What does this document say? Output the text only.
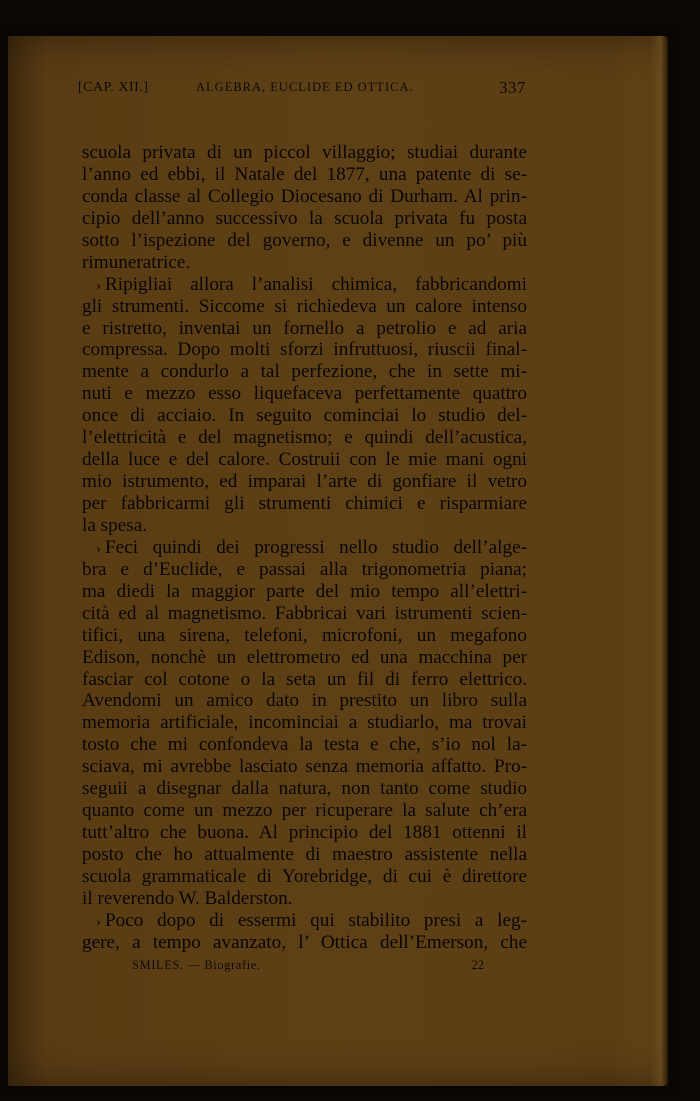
[CAP. XII.]	ALGEBRA, EUCLIDE ED OTTICA.	337
scuola privata di un piccol villaggio; studiai durante
l’anno ed ebbi, il Natale del 1877, una patente di se-
conda classe al Collegio Diocesano di Durham. Al prin-
cipio dell’anno successivo la scuola privata fu posta
sotto l’ispezione del governo, e divenne un po’ più
rimuneratrice.
› Ripigliai allora l’analisi chimica, fabbricandomi
gli strumenti. Siccome si richiedeva un calore intenso
e ristretto, inventai un fornello a petrolio e ad aria
compressa. Dopo molti sforzi infruttuosi, riuscii final-
mente a condurlo a tal perfezione, che in sette mi-
nuti e mezzo esso liquefaceva perfettamente quattro
once di acciaio. In seguito cominciai lo studio del-
l’elettricità e del magnetismo; e quindi dell’acustica,
della luce e del calore. Costruii con le mie mani ogni
mio istrumento, ed imparai l’arte di gonfiare il vetro
per fabbricarmi gli strumenti chimici e risparmiare
la spesa.
› Feci quindi dei progressi nello studio dell’alge-
bra e d’Euclide, e passai alla trigonometria piana;
ma diedi la maggior parte del mio tempo all’elettri-
cità ed al magnetismo. Fabbricai vari istrumenti scien-
tifici, una sirena, telefoni, microfoni, un megafono
Edison, nonchè un elettrometro ed una macchina per
fasciar col cotone o la seta un fil di ferro elettrico.
Avendomi un amico dato in prestito un libro sulla
memoria artificiale, incominciai a studiarlo, ma trovai
tosto che mi confondeva la testa e che, s’io nol la-
sciava, mi avrebbe lasciato senza memoria affatto. Pro-
seguii a disegnar dalla natura, non tanto come studio
quanto come un mezzo per ricuperare la salute ch’era
tutt’altro che buona. Al principio del 1881 ottenni il
posto che ho attualmente di maestro assistente nella
scuola grammaticale di Yorebridge, di cui è direttore
il reverendo W. Balderston.
› Poco dopo di essermi qui stabilito presi a leg-
gere, a tempo avanzato, l’ Ottica dell’Emerson, che
SMILES. — Biografie.	22
